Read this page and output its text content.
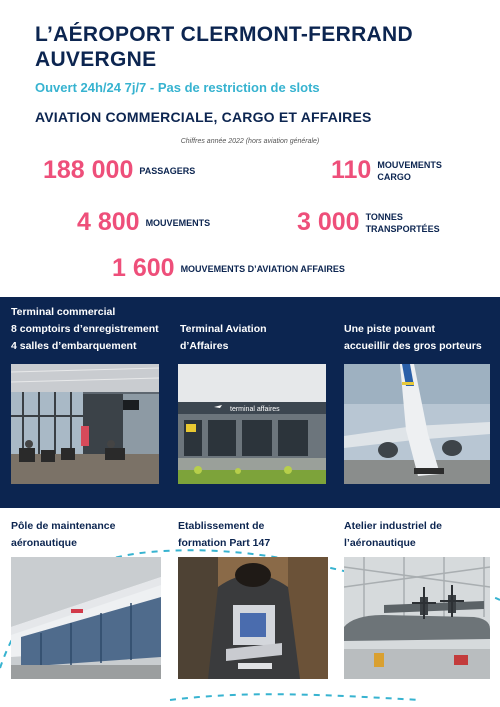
L’AÉROPORT CLERMONT-FERRAND
AUVERGNE
Ouvert 24h/24 7j/7 - Pas de restriction de slots
AVIATION COMMERCIALE, CARGO ET AFFAIRES
Chiffres année 2022 (hors aviation générale)
188 000 PASSAGERS	110 MOUVEMENTS
CARGO
4 800 MOUVEMENTS	3 000 TONNES
TRANSPORTÉES
1 600 MOUVEMENTS D’AVIATION AFFAIRES
Terminal commercial
8 comptoirs d’enregistrement
4 salles d’embarquement
Terminal Aviation
d’Affaires
Une piste pouvant
accueillir des gros porteurs
terminal affaires
Pôle de maintenance
aéronautique
Etablissement de
formation Part 147
Atelier industriel de
l’aéronautique
